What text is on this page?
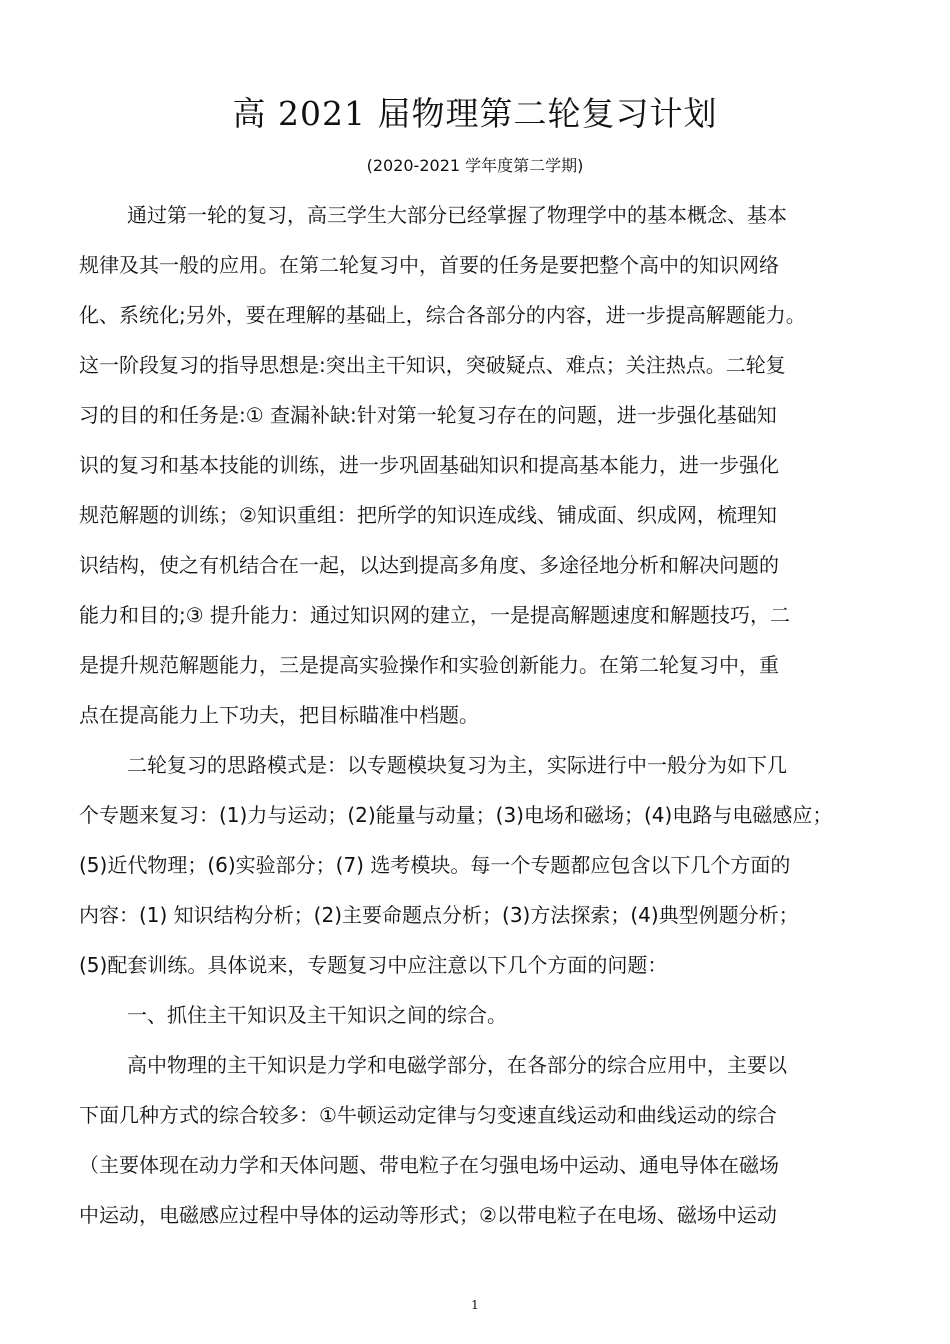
高 2021 届物理第二轮复习计划

(2020-2021 学年度第二学期)

通过第一轮的复习，高三学生大部分已经掌握了物理学中的基本概念、基本
规律及其一般的应用。在第二轮复习中，首要的任务是要把整个高中的知识网络
化、系统化;另外，要在理解的基础上，综合各部分的内容，进一步提高解题能力。
这一阶段复习的指导思想是:突出主干知识，突破疑点、难点；关注热点。二轮复
习的目的和任务是:① 查漏补缺:针对第一轮复习存在的问题，进一步强化基础知
识的复习和基本技能的训练，进一步巩固基础知识和提高基本能力，进一步强化
规范解题的训练；②知识重组：把所学的知识连成线、铺成面、织成网，梳理知
识结构，使之有机结合在一起，以达到提高多角度、多途径地分析和解决问题的
能力和目的;③ 提升能力：通过知识网的建立，一是提高解题速度和解题技巧，二
是提升规范解题能力，三是提高实验操作和实验创新能力。在第二轮复习中，重
点在提高能力上下功夫，把目标瞄准中档题。
二轮复习的思路模式是：以专题模块复习为主，实际进行中一般分为如下几
个专题来复习：(1)力与运动；(2)能量与动量；(3)电场和磁场；(4)电路与电磁感应；
(5)近代物理；(6)实验部分；(7) 选考模块。每一个专题都应包含以下几个方面的
内容：(1) 知识结构分析；(2)主要命题点分析；(3)方法探索；(4)典型例题分析；
(5)配套训练。具体说来，专题复习中应注意以下几个方面的问题：
一、抓住主干知识及主干知识之间的综合。
高中物理的主干知识是力学和电磁学部分，在各部分的综合应用中，主要以
下面几种方式的综合较多：①牛顿运动定律与匀变速直线运动和曲线运动的综合
（主要体现在动力学和天体问题、带电粒子在匀强电场中运动、通电导体在磁场
中运动，电磁感应过程中导体的运动等形式；②以带电粒子在电场、磁场中运动
1
